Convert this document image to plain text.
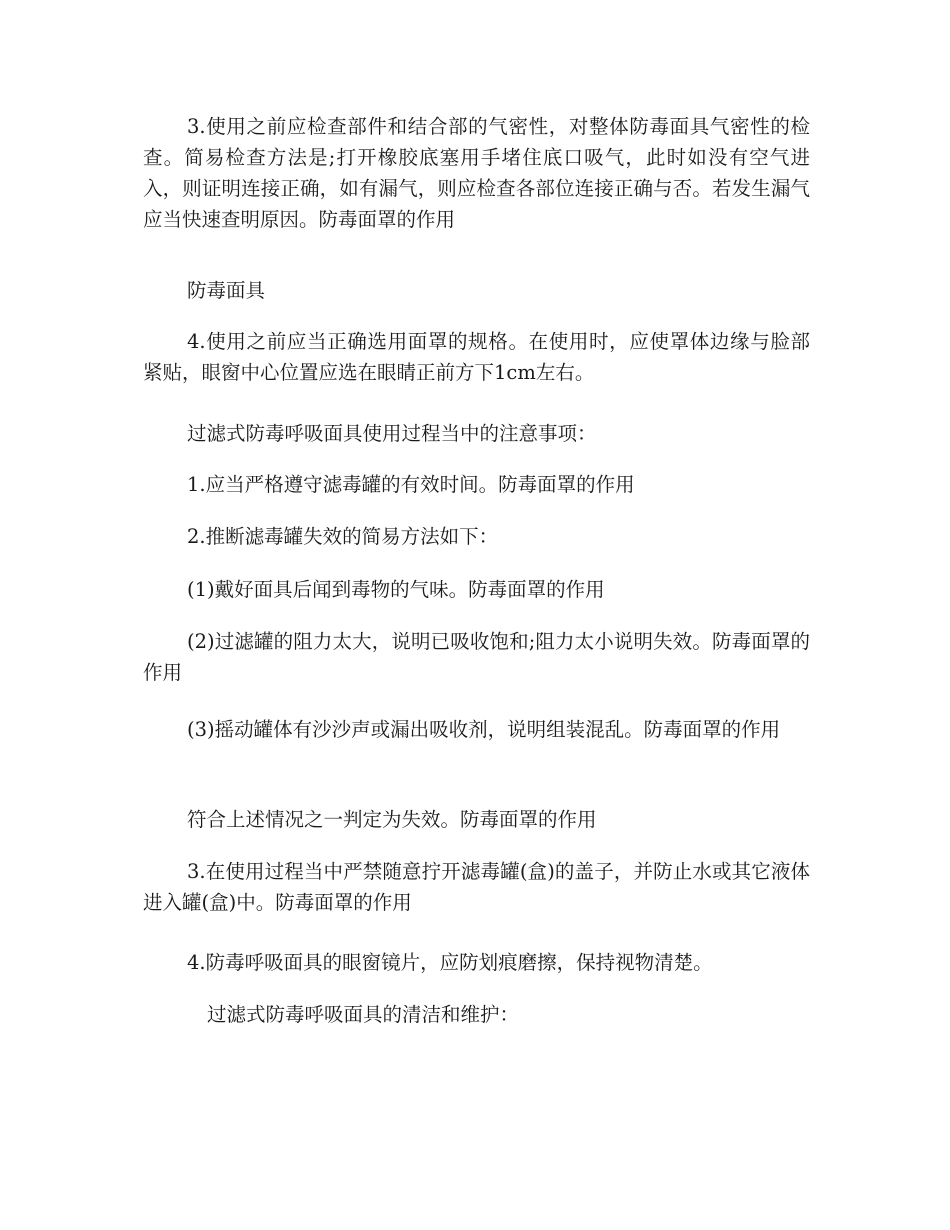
3.使用之前应检查部件和结合部的气密性，对整体防毒面具气密性的检查。简易检查方法是;打开橡胶底塞用手堵住底口吸气，此时如没有空气进入，则证明连接正确，如有漏气，则应检查各部位连接正确与否。若发生漏气应当快速查明原因。防毒面罩的作用

防毒面具

4.使用之前应当正确选用面罩的规格。在使用时，应使罩体边缘与脸部紧贴，眼窗中心位置应选在眼睛正前方下1cm左右。

过滤式防毒呼吸面具使用过程当中的注意事项：

1.应当严格遵守滤毒罐的有效时间。防毒面罩的作用

2.推断滤毒罐失效的简易方法如下：

(1)戴好面具后闻到毒物的气味。防毒面罩的作用

(2)过滤罐的阻力太大，说明已吸收饱和;阻力太小说明失效。防毒面罩的作用

(3)摇动罐体有沙沙声或漏出吸收剂，说明组装混乱。防毒面罩的作用

符合上述情况之一判定为失效。防毒面罩的作用

3.在使用过程当中严禁随意拧开滤毒罐(盒)的盖子，并防止水或其它液体进入罐(盒)中。防毒面罩的作用

4.防毒呼吸面具的眼窗镜片，应防划痕磨擦，保持视物清楚。

过滤式防毒呼吸面具的清洁和维护：
